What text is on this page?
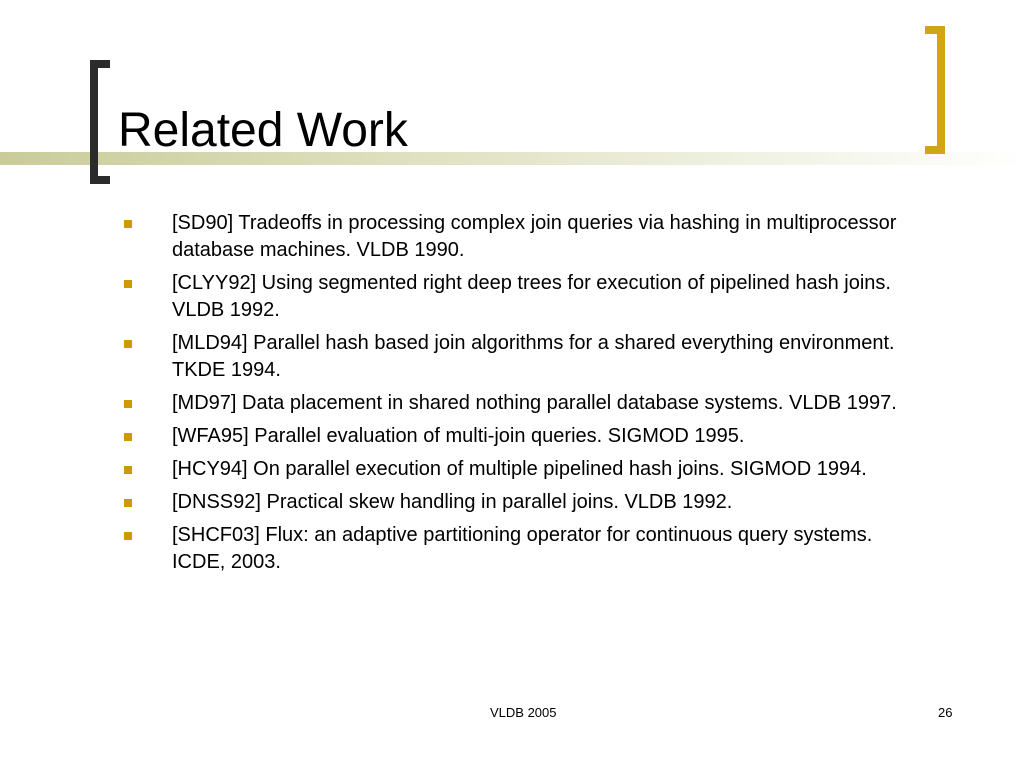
Related Work
[SD90] Tradeoffs in processing complex join queries via hashing in multiprocessor database machines. VLDB 1990.
[CLYY92] Using segmented right deep trees for execution of pipelined hash joins. VLDB 1992.
[MLD94] Parallel hash based join algorithms for a shared everything environment. TKDE 1994.
[MD97] Data placement in shared nothing parallel database systems. VLDB 1997.
[WFA95] Parallel evaluation of multi-join queries. SIGMOD 1995.
[HCY94] On parallel execution of multiple pipelined hash joins. SIGMOD 1994.
[DNSS92] Practical skew handling in parallel joins. VLDB 1992.
[SHCF03] Flux: an adaptive partitioning operator for continuous query systems. ICDE, 2003.
VLDB 2005	26
